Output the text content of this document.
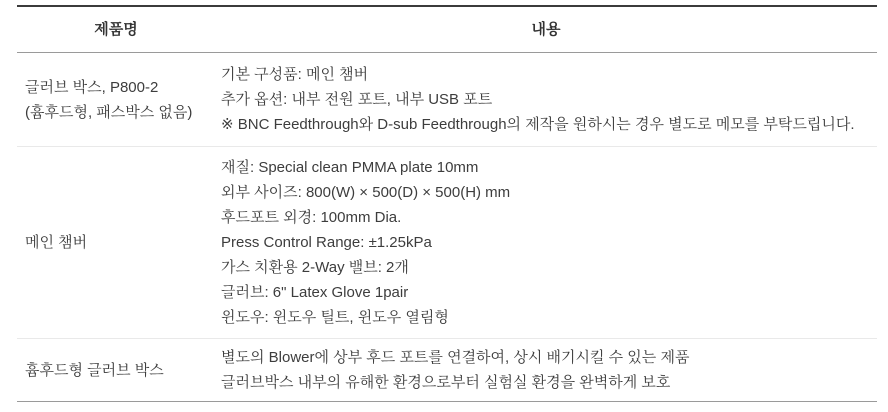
제품명	내용
글러브 박스, P800-2
(흄후드형, 패스박스 없음)
기본 구성품: 메인 챔버
추가 옵션: 내부 전원 포트, 내부 USB 포트
※ BNC Feedthrough와 D-sub Feedthrough의 제작을 원하시는 경우 별도로 메모를 부탁드립니다.
메인 챔버
재질: Special clean PMMA plate 10mm
외부 사이즈: 800(W) × 500(D) × 500(H) mm
후드포트 외경: 100mm Dia.
Press Control Range: ±1.25kPa
가스 치환용 2-Way 밸브: 2개
글러브: 6" Latex Glove 1pair
윈도우: 윈도우 틸트, 윈도우 열림형
흄후드형 글러브 박스
별도의 Blower에 상부 후드 포트를 연결하여, 상시 배기시킬 수 있는 제품
글러브박스 내부의 유해한 환경으로부터 실험실 환경을 완벽하게 보호
